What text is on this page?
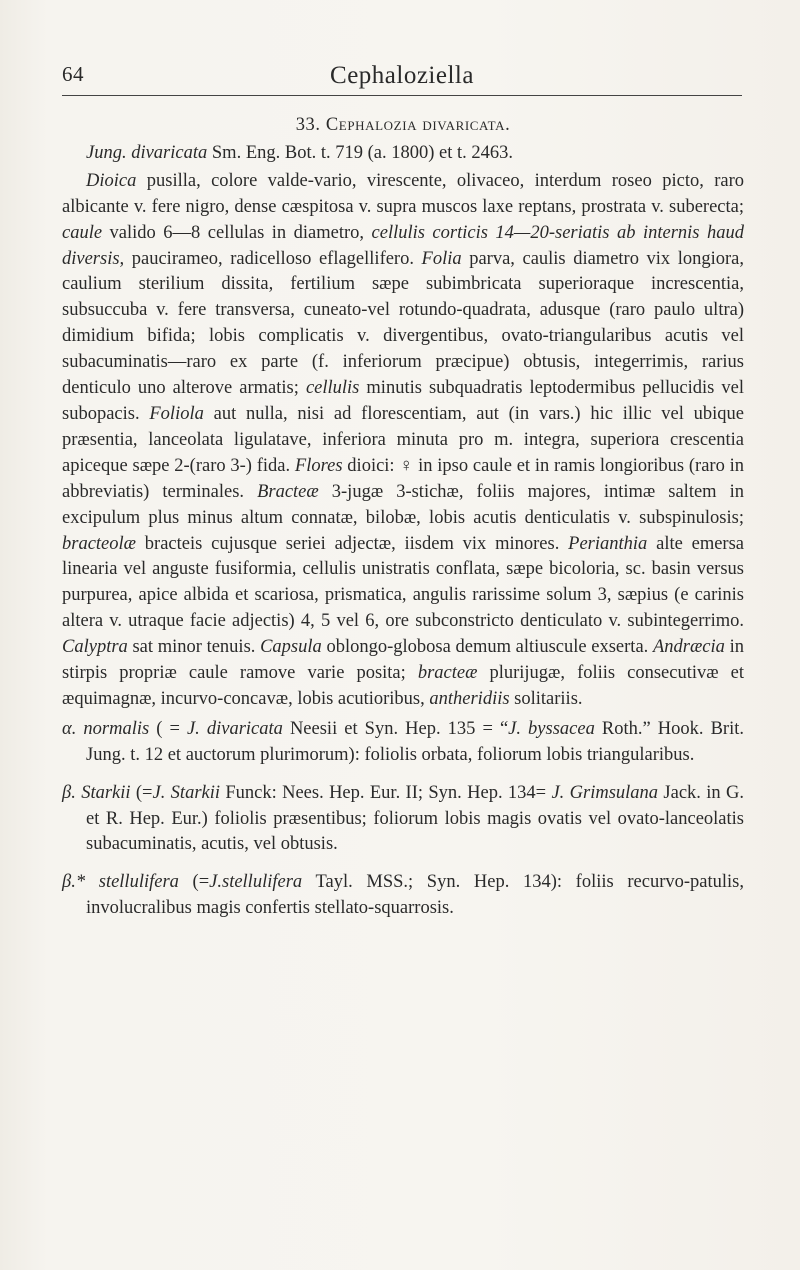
64	Cephaloziella
33. Cephalozia divaricata.

Jung. divaricata Sm. Eng. Bot. t. 719 (a. 1800) et t. 2463.

Dioica pusilla, colore valde-vario, virescente, olivaceo, interdum roseo picto, raro albicante v. fere nigro, dense cæspitosa v. supra muscos laxe reptans, prostrata v. suberecta; caule valido 6—8 cellulas in diametro, cellulis corticis 14—20-seriatis ab internis haud diversis, paucirameo, radicelloso eflagellifero. Folia parva, caulis diametro vix longiora, caulium sterilium dissita, fertilium sæpe subimbricata superioraque increscentia, subsuccuba v. fere transversa, cuneato-vel rotundo-quadrata, adusque (raro paulo ultra) dimidium bifida; lobis complicatis v. divergentibus, ovato-triangularibus acutis vel subacuminatis—raro ex parte (f. inferiorum præcipue) obtusis, integerrimis, rarius denticulo uno alterove armatis; cellulis minutis subquadratis leptodermibus pellucidis vel subopacis. Foliola aut nulla, nisi ad florescentiam, aut (in vars.) hic illic vel ubique præsentia, lanceolata ligulatave, inferiora minuta pro m. integra, superiora crescentia apiceque sæpe 2-(raro 3-) fida. Flores dioici: ♀ in ipso caule et in ramis longioribus (raro in abbreviatis) terminales. Bracteæ 3-jugæ 3-stichæ, foliis majores, intimæ saltem in excipulum plus minus altum connatæ, bilobæ, lobis acutis denticulatis v. subspinulosis; bracteolæ bracteis cujusque seriei adjectæ, iisdem vix minores. Perianthia alte emersa linearia vel anguste fusiformia, cellulis unistratis conflata, sæpe bicoloria, sc. basin versus purpurea, apice albida et scariosa, prismatica, angulis rarissime solum 3, sæpius (e carinis altera v. utraque facie adjectis) 4, 5 vel 6, ore subconstricto denticulato v. subintegerrimo. Calyptra sat minor tenuis. Capsula oblongo-globosa demum altiuscule exserta. Andræcia in stirpis propriæ caule ramove varie posita; bracteæ plurijugæ, foliis consecutivæ et æquimagnæ, incurvo-concavæ, lobis acutioribus, antheridiis solitariis.

α. normalis ( = J. divaricata Neesii et Syn. Hep. 135 = “J. byssacea Roth.” Hook. Brit. Jung. t. 12 et auctorum plurimorum): foliolis orbata, foliorum lobis triangularibus.

β. Starkii (=J. Starkii Funck: Nees. Hep. Eur. II; Syn. Hep. 134= J. Grimsulana Jack. in G. et R. Hep. Eur.) foliolis præsentibus; foliorum lobis magis ovatis vel ovato-lanceolatis subacuminatis, acutis, vel obtusis.

β.* stellulifera (=J.stellulifera Tayl. MSS.; Syn. Hep. 134): foliis recurvo-patulis, involucralibus magis confertis stellato-squarrosis.
